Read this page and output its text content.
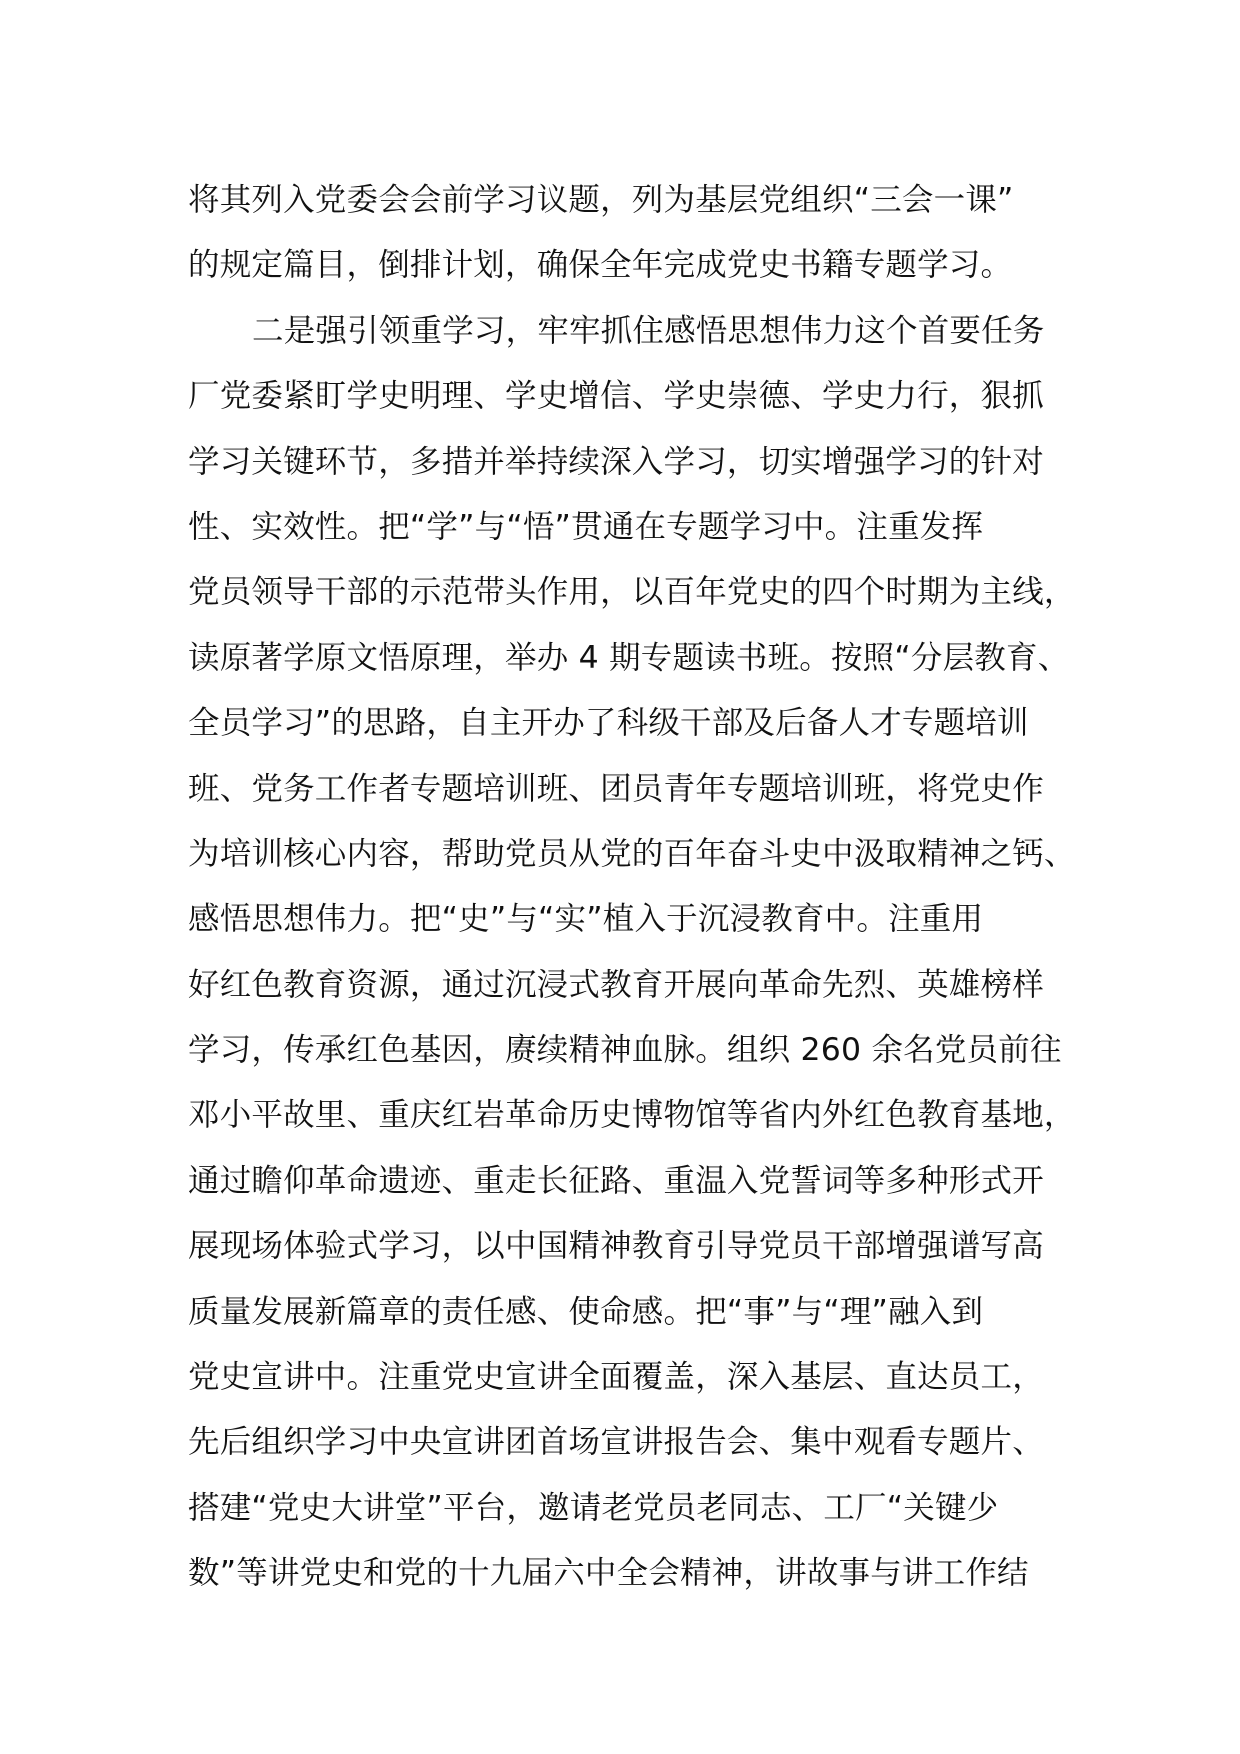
将其列入党委会会前学习议题，列为基层党组织“三会一课”
的规定篇目，倒排计划，确保全年完成党史书籍专题学习。
二是强引领重学习，牢牢抓住感悟思想伟力这个首要任务
厂党委紧盯学史明理、学史增信、学史崇德、学史力行，狠抓
学习关键环节，多措并举持续深入学习，切实增强学习的针对
性、实效性。把“学”与“悟”贯通在专题学习中。注重发挥
党员领导干部的示范带头作用，以百年党史的四个时期为主线，
读原著学原文悟原理，举办 4 期专题读书班。按照“分层教育、
全员学习”的思路，自主开办了科级干部及后备人才专题培训
班、党务工作者专题培训班、团员青年专题培训班，将党史作
为培训核心内容，帮助党员从党的百年奋斗史中汲取精神之钙、
感悟思想伟力。把“史”与“实”植入于沉浸教育中。注重用
好红色教育资源，通过沉浸式教育开展向革命先烈、英雄榜样
学习，传承红色基因，赓续精神血脉。组织 260 余名党员前往
邓小平故里、重庆红岩革命历史博物馆等省内外红色教育基地，
通过瞻仰革命遗迹、重走长征路、重温入党誓词等多种形式开
展现场体验式学习，以中国精神教育引导党员干部增强谱写高
质量发展新篇章的责任感、使命感。把“事”与“理”融入到
党史宣讲中。注重党史宣讲全面覆盖，深入基层、直达员工，
先后组织学习中央宣讲团首场宣讲报告会、集中观看专题片、
搭建“党史大讲堂”平台，邀请老党员老同志、工厂“关键少
数”等讲党史和党的十九届六中全会精神，讲故事与讲工作结
